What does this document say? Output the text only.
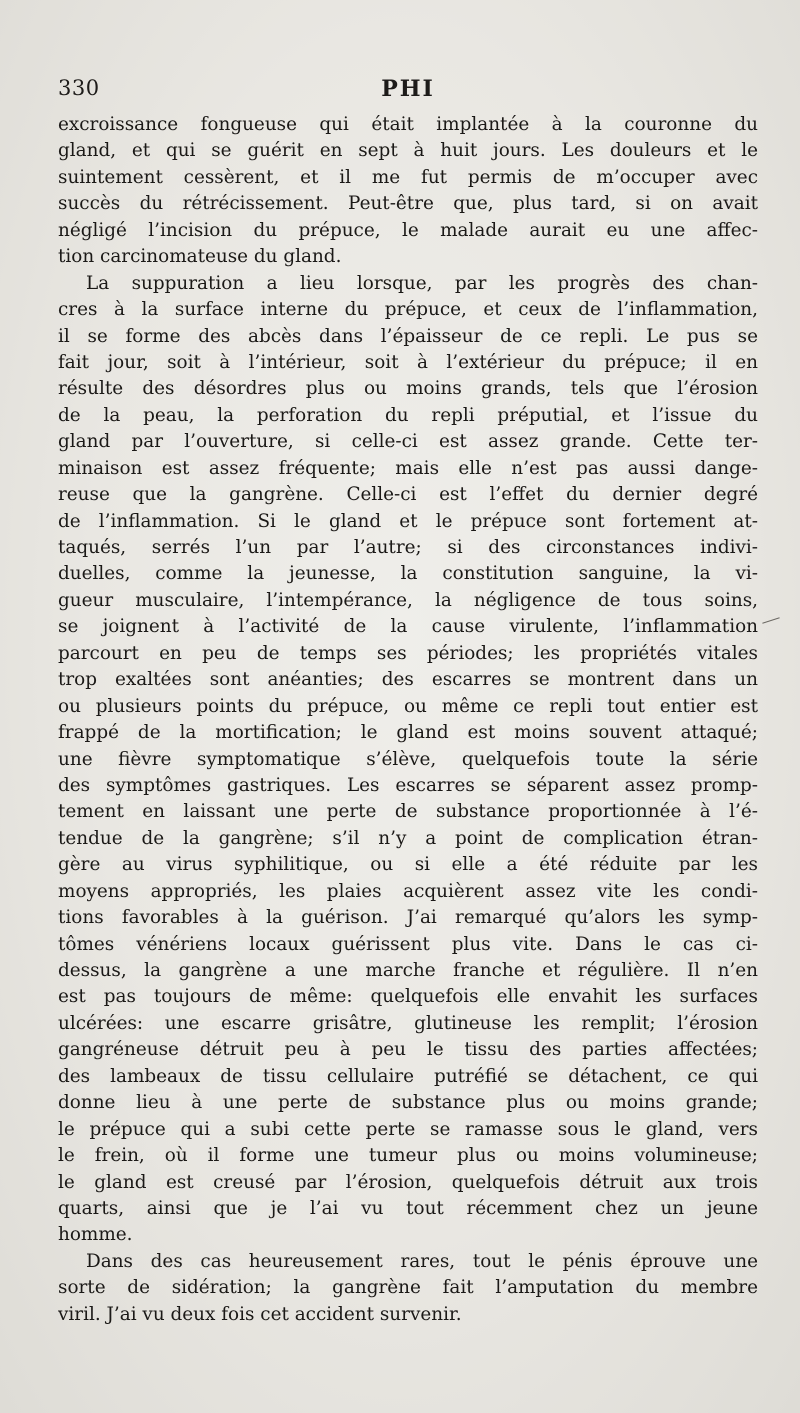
330	PHI
excroissance fongueuse qui était implantée à la couronne du
gland, et qui se guérit en sept à huit jours. Les douleurs et le
suintement cessèrent, et il me fut permis de m’occuper avec
succès du rétrécissement. Peut-être que, plus tard, si on avait
négligé l’incision du prépuce, le malade aurait eu une affec-
tion carcinomateuse du gland.
La suppuration a lieu lorsque, par les progrès des chan-
cres à la surface interne du prépuce, et ceux de l’inflammation,
il se forme des abcès dans l’épaisseur de ce repli. Le pus se
fait jour, soit à l’intérieur, soit à l’extérieur du prépuce; il en
résulte des désordres plus ou moins grands, tels que l’érosion
de la peau, la perforation du repli préputial, et l’issue du
gland par l’ouverture, si celle-ci est assez grande. Cette ter-
minaison est assez fréquente; mais elle n’est pas aussi dange-
reuse que la gangrène. Celle-ci est l’effet du dernier degré
de l’inflammation. Si le gland et le prépuce sont fortement at-
taqués, serrés l’un par l’autre; si des circonstances indivi-
duelles, comme la jeunesse, la constitution sanguine, la vi-
gueur musculaire, l’intempérance, la négligence de tous soins,
se joignent à l’activité de la cause virulente, l’inflammation
parcourt en peu de temps ses périodes; les propriétés vitales
trop exaltées sont anéanties; des escarres se montrent dans un
ou plusieurs points du prépuce, ou même ce repli tout entier est
frappé de la mortification; le gland est moins souvent attaqué;
une fièvre symptomatique s’élève, quelquefois toute la série
des symptômes gastriques. Les escarres se séparent assez promp-
tement en laissant une perte de substance proportionnée à l’é-
tendue de la gangrène; s’il n’y a point de complication étran-
gère au virus syphilitique, ou si elle a été réduite par les
moyens appropriés, les plaies acquièrent assez vite les condi-
tions favorables à la guérison. J’ai remarqué qu’alors les symp-
tômes vénériens locaux guérissent plus vite. Dans le cas ci-
dessus, la gangrène a une marche franche et régulière. Il n’en
est pas toujours de même: quelquefois elle envahit les surfaces
ulcérées: une escarre grisâtre, glutineuse les remplit; l’érosion
gangréneuse détruit peu à peu le tissu des parties affectées;
des lambeaux de tissu cellulaire putréfié se détachent, ce qui
donne lieu à une perte de substance plus ou moins grande;
le prépuce qui a subi cette perte se ramasse sous le gland, vers
le frein, où il forme une tumeur plus ou moins volumineuse;
le gland est creusé par l’érosion, quelquefois détruit aux trois
quarts, ainsi que je l’ai vu tout récemment chez un jeune
homme.
Dans des cas heureusement rares, tout le pénis éprouve une
sorte de sidération; la gangrène fait l’amputation du membre
viril. J’ai vu deux fois cet accident survenir.
